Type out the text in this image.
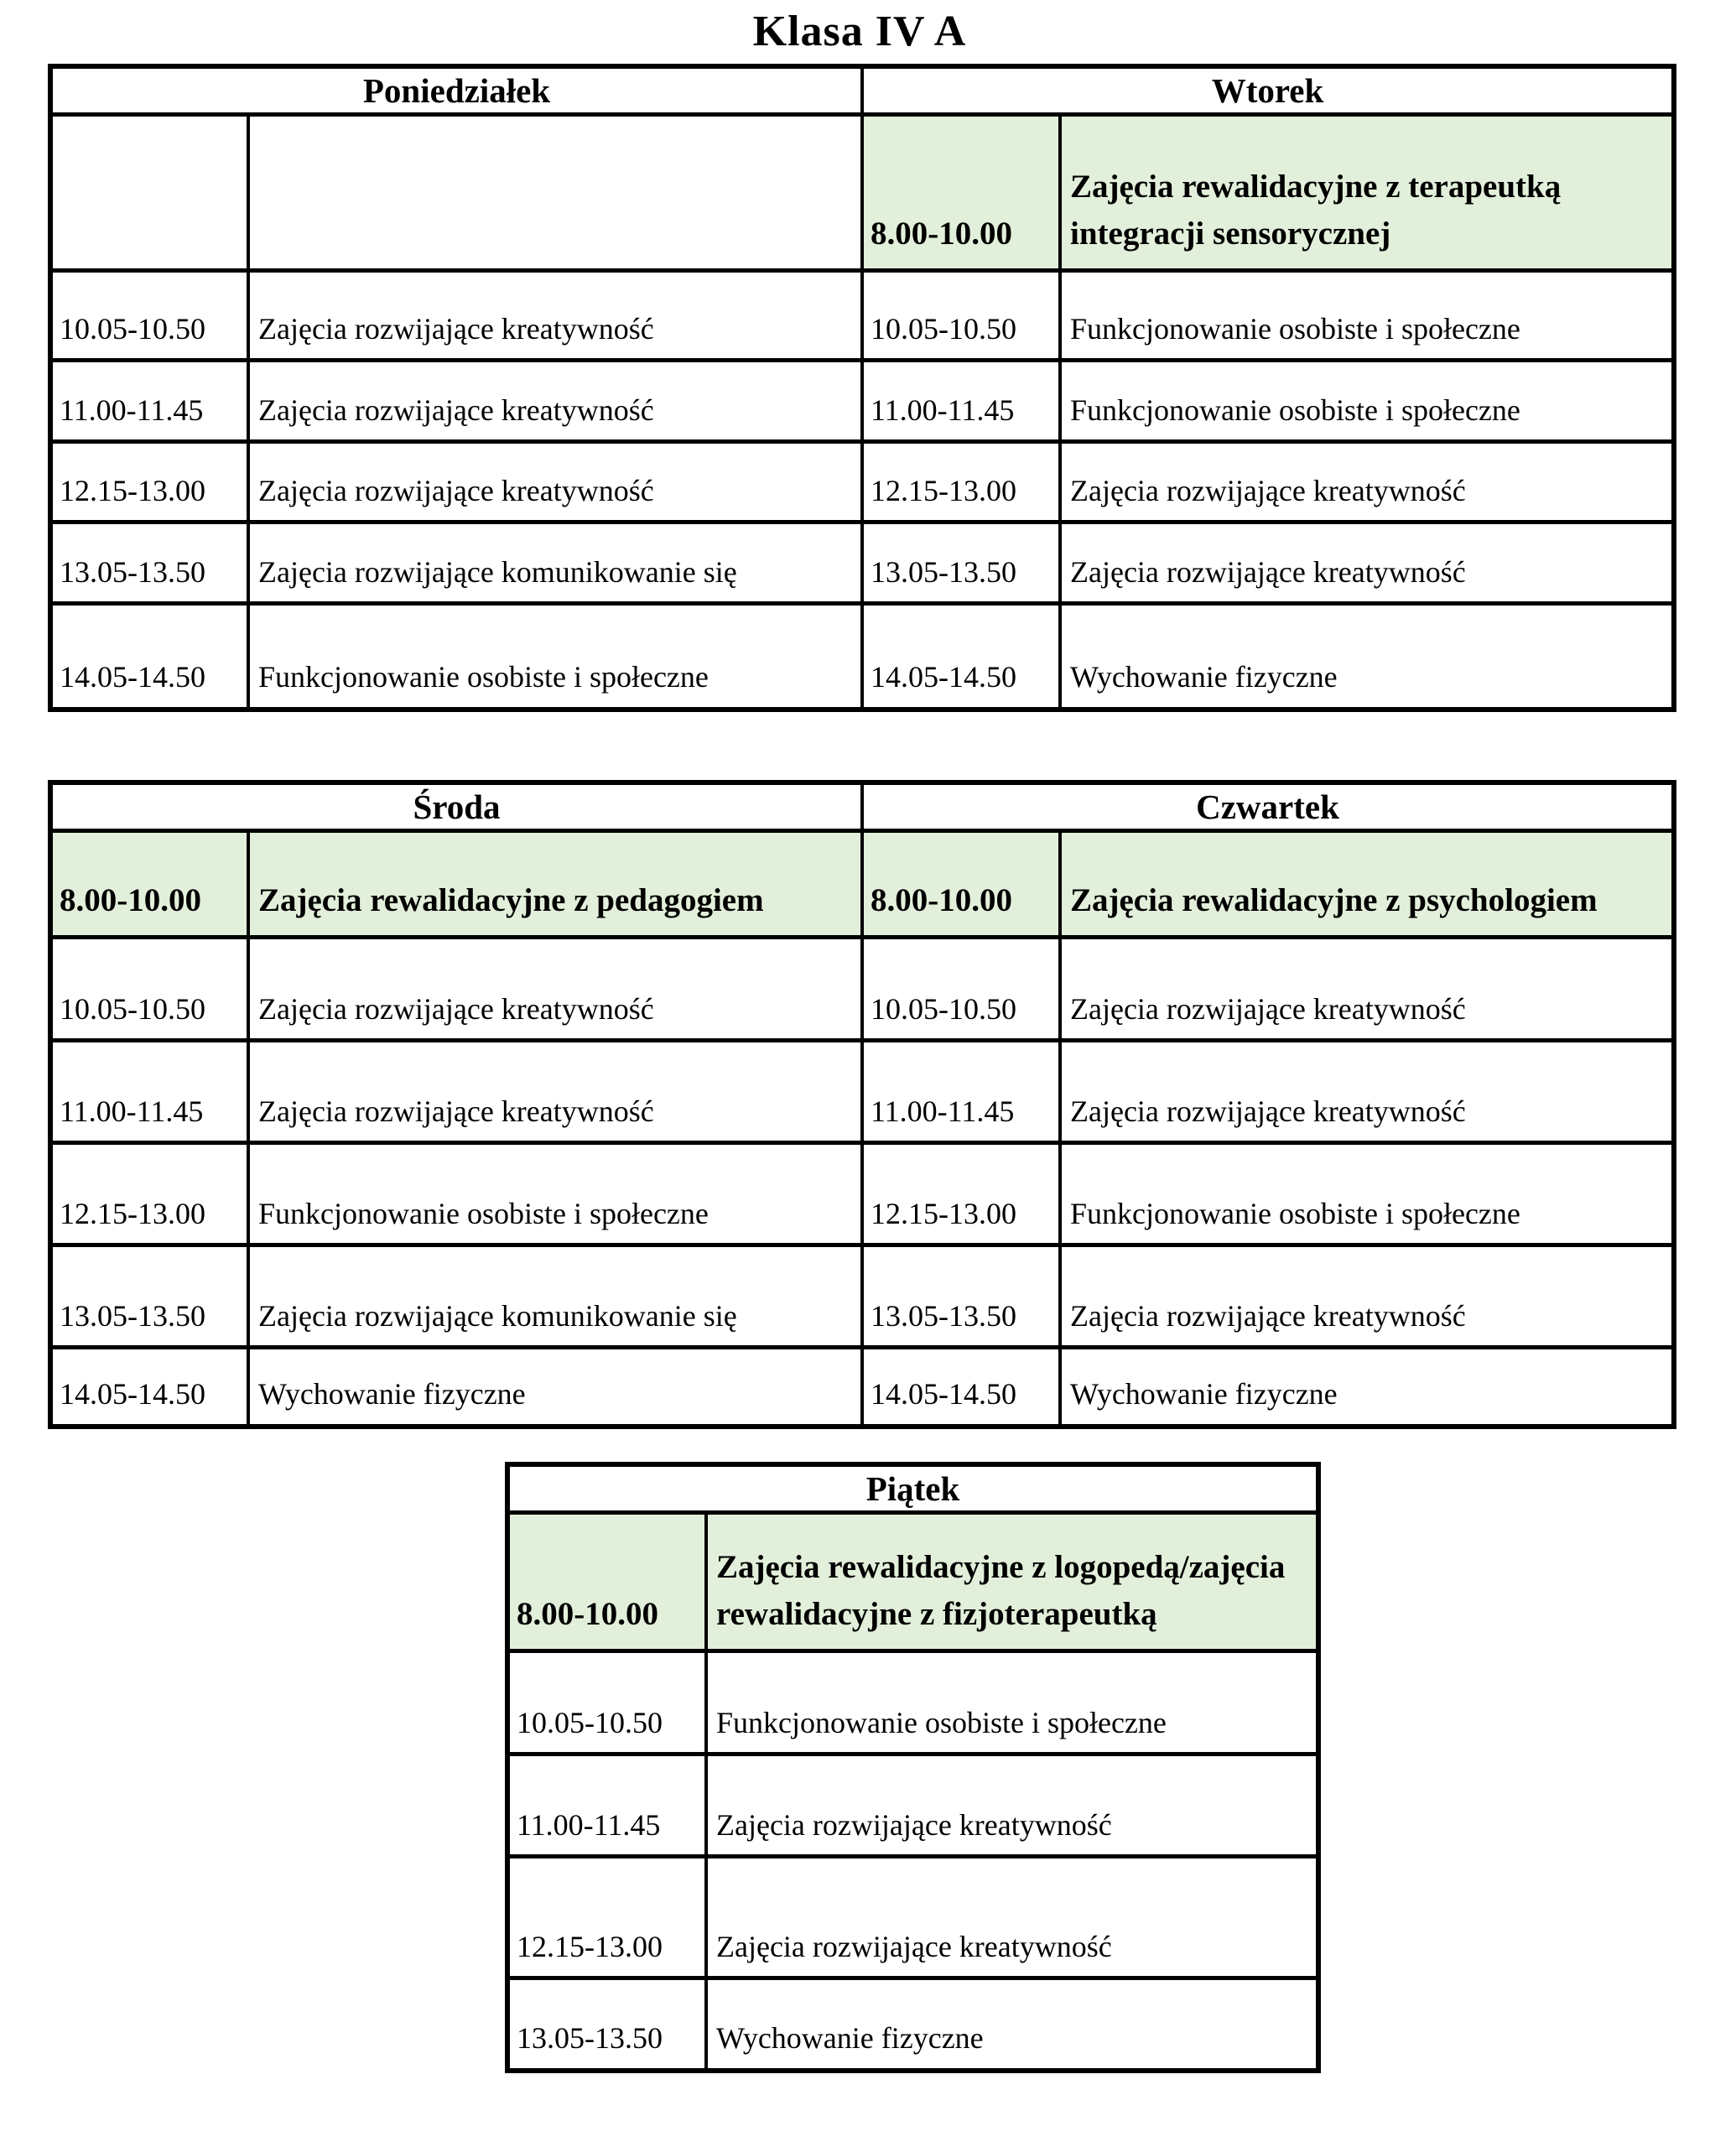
Klasa IV A
Poniedziałek		Wtorek	
		8.00-10.00	Zajęcia rewalidacyjne z terapeutką integracji sensorycznej
10.05-10.50	Zajęcia rozwijające kreatywność	10.05-10.50	Funkcjonowanie osobiste i społeczne
11.00-11.45	Zajęcia rozwijające kreatywność	11.00-11.45	Funkcjonowanie osobiste i społeczne
12.15-13.00	Zajęcia rozwijające kreatywność	12.15-13.00	Zajęcia rozwijające kreatywność
13.05-13.50	Zajęcia rozwijające komunikowanie się	13.05-13.50	Zajęcia rozwijające kreatywność
14.05-14.50	Funkcjonowanie osobiste i społeczne	14.05-14.50	Wychowanie fizyczne
Środa		Czwartek	
8.00-10.00	Zajęcia rewalidacyjne z pedagogiem	8.00-10.00	Zajęcia rewalidacyjne z psychologiem
10.05-10.50	Zajęcia rozwijające kreatywność	10.05-10.50	Zajęcia rozwijające kreatywność
11.00-11.45	Zajęcia rozwijające kreatywność	11.00-11.45	Zajęcia rozwijające kreatywność
12.15-13.00	Funkcjonowanie osobiste i społeczne	12.15-13.00	Funkcjonowanie osobiste i społeczne
13.05-13.50	Zajęcia rozwijające komunikowanie się	13.05-13.50	Zajęcia rozwijające kreatywność
14.05-14.50	Wychowanie fizyczne	14.05-14.50	Wychowanie fizyczne
Piątek	
8.00-10.00	Zajęcia rewalidacyjne z logopedą/zajęcia rewalidacyjne z fizjoterapeutką
10.05-10.50	Funkcjonowanie osobiste i społeczne
11.00-11.45	Zajęcia rozwijające kreatywność
12.15-13.00	Zajęcia rozwijające kreatywność
13.05-13.50	Wychowanie fizyczne
